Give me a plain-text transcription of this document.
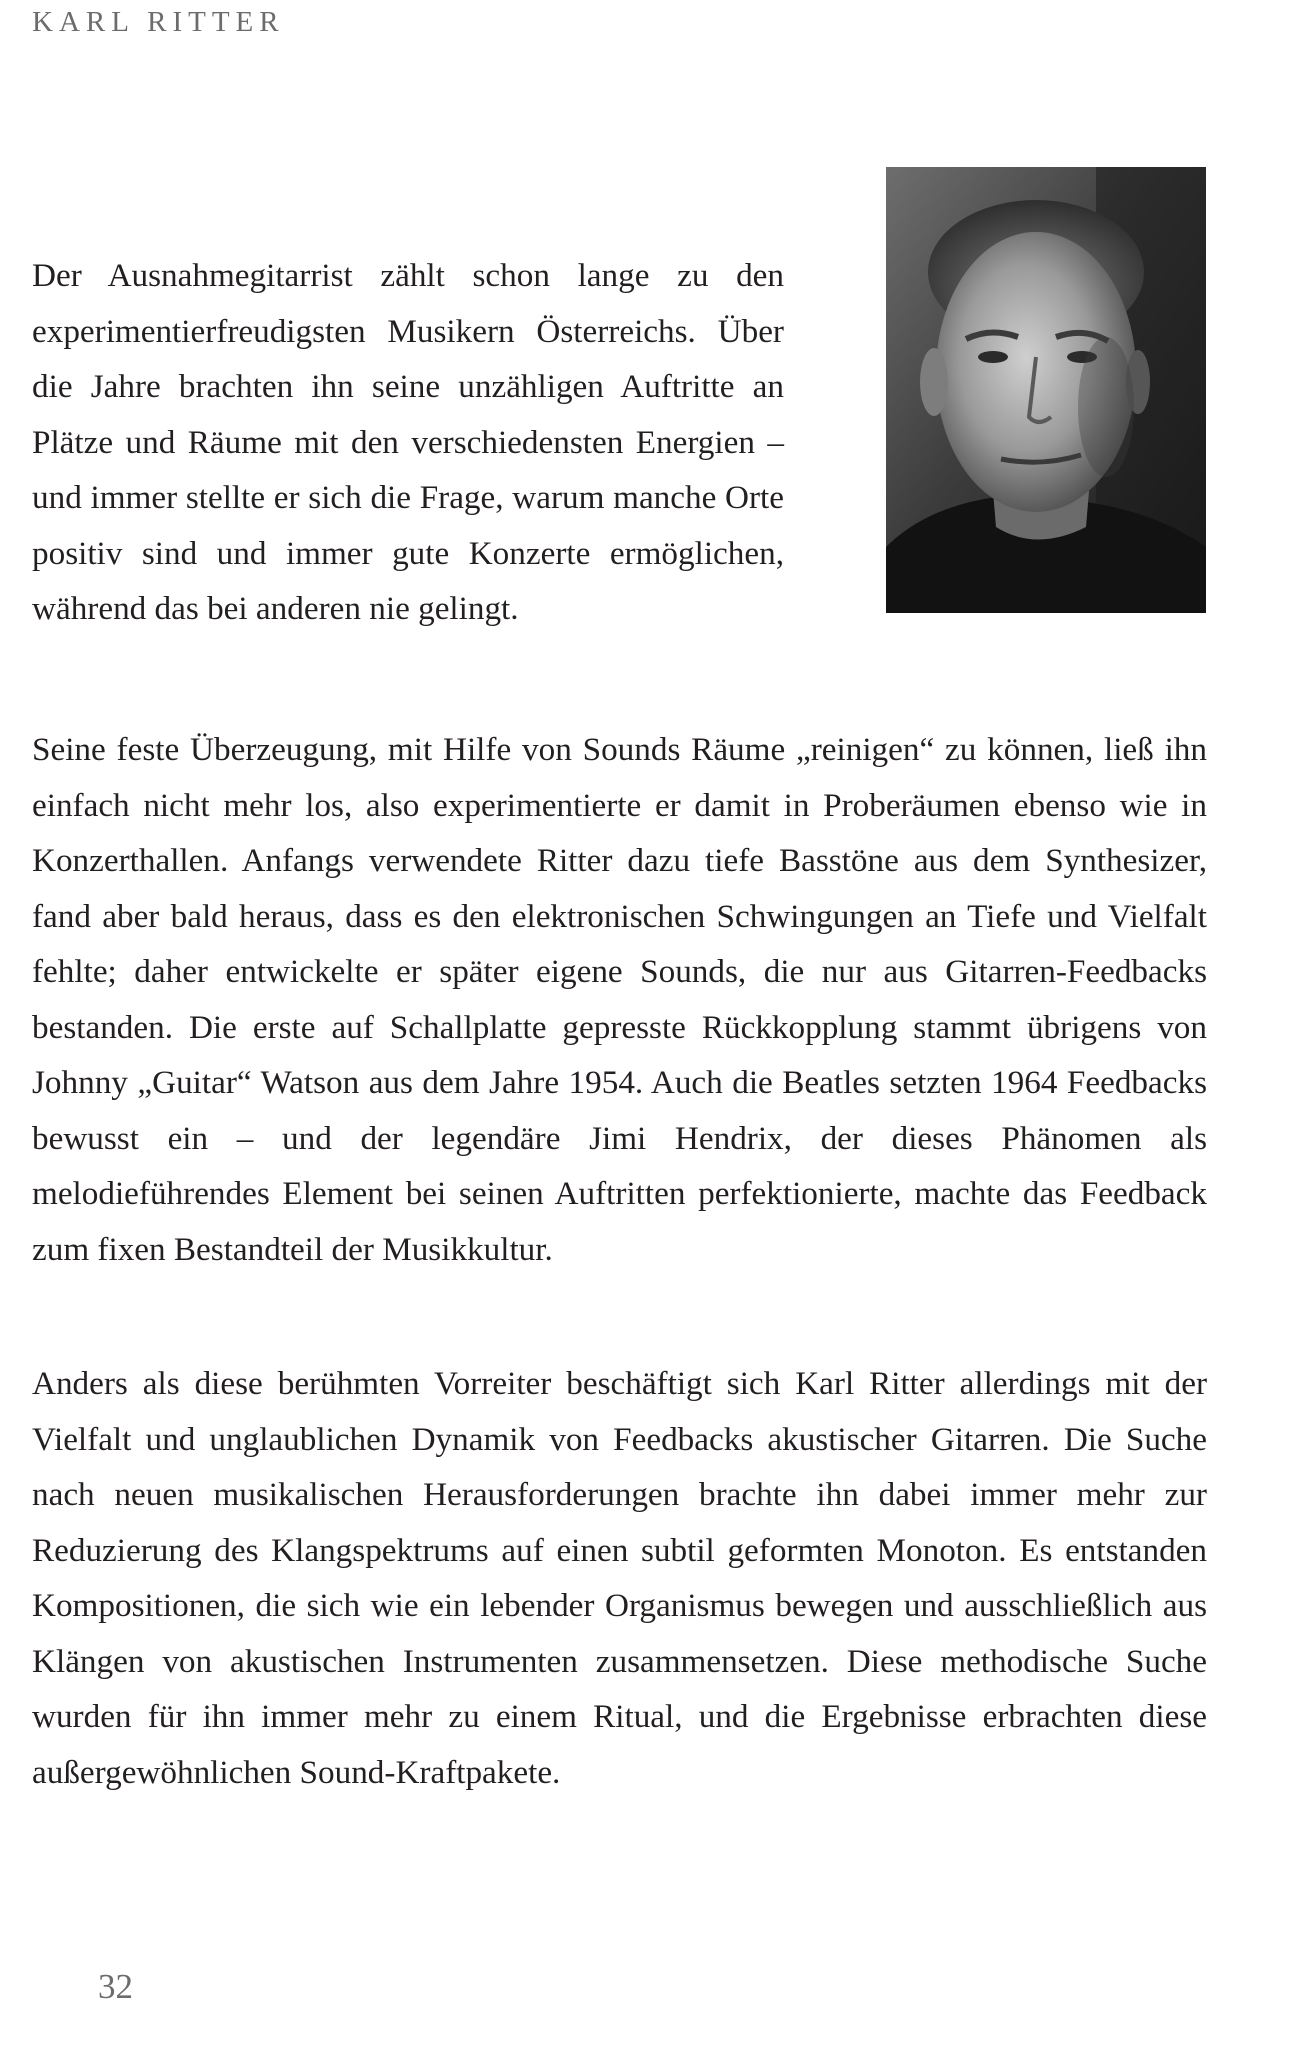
KARL RITTER

Der Ausnahmegitarrist zählt schon lange zu den experimentierfreudigsten Musikern Österreichs. Über die Jahre brachten ihn seine unzähligen Auftritte an Plätze und Räume mit den verschiedensten Energien – und immer stellte er sich die Frage, warum manche Orte positiv sind und immer gute Konzerte ermöglichen, während das bei anderen nie gelingt.

Seine feste Überzeugung, mit Hilfe von Sounds Räume „reinigen“ zu können, ließ ihn einfach nicht mehr los, also experimentierte er damit in Proberäumen ebenso wie in Konzerthallen. Anfangs verwendete Ritter dazu tiefe Basstöne aus dem Synthesizer, fand aber bald heraus, dass es den elektronischen Schwingungen an Tiefe und Vielfalt fehlte; daher entwickelte er später eigene Sounds, die nur aus Gitarren-Feedbacks bestanden. Die erste auf Schallplatte gepresste Rückkopplung stammt übrigens von Johnny „Guitar“ Watson aus dem Jahre 1954. Auch die Beatles setzten 1964 Feedbacks bewusst ein – und der legendäre Jimi Hendrix, der dieses Phänomen als melodieführendes Element bei seinen Auftritten perfektionierte, machte das Feedback zum fixen Bestandteil der Musikkultur.

Anders als diese berühmten Vorreiter beschäftigt sich Karl Ritter allerdings mit der Vielfalt und unglaublichen Dynamik von Feedbacks akustischer Gitarren. Die Suche nach neuen musikalischen Herausforderungen brachte ihn dabei immer mehr zur Reduzierung des Klangspektrums auf einen subtil geformten Monoton. Es entstanden Kompositionen, die sich wie ein lebender Organismus bewegen und ausschließlich aus Klängen von akustischen Instrumenten zusammensetzen. Diese methodische Suche wurden für ihn immer mehr zu einem Ritual, und die Ergebnisse erbrachten diese außergewöhnlichen Sound-Kraftpakete.

32
